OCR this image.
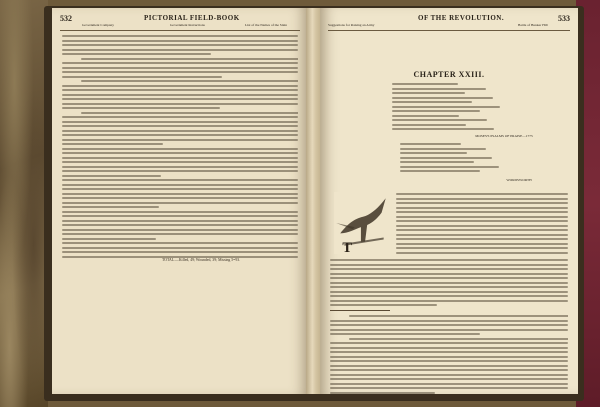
532	PICTORIAL FIELD-BOOK
Government Company	Government Instructions	List of the Names of the Slain
TOTAL.—Killed, 49; Wounded, 39; Missing 5=93.
OF THE REVOLUTION.	533
Suggestions for Raising an Army	Battle of Bunker Hill
CHAPTER XXIII.
MOSES'S PSALMS OF PRAISE—1775
WORDSWORTH
T
